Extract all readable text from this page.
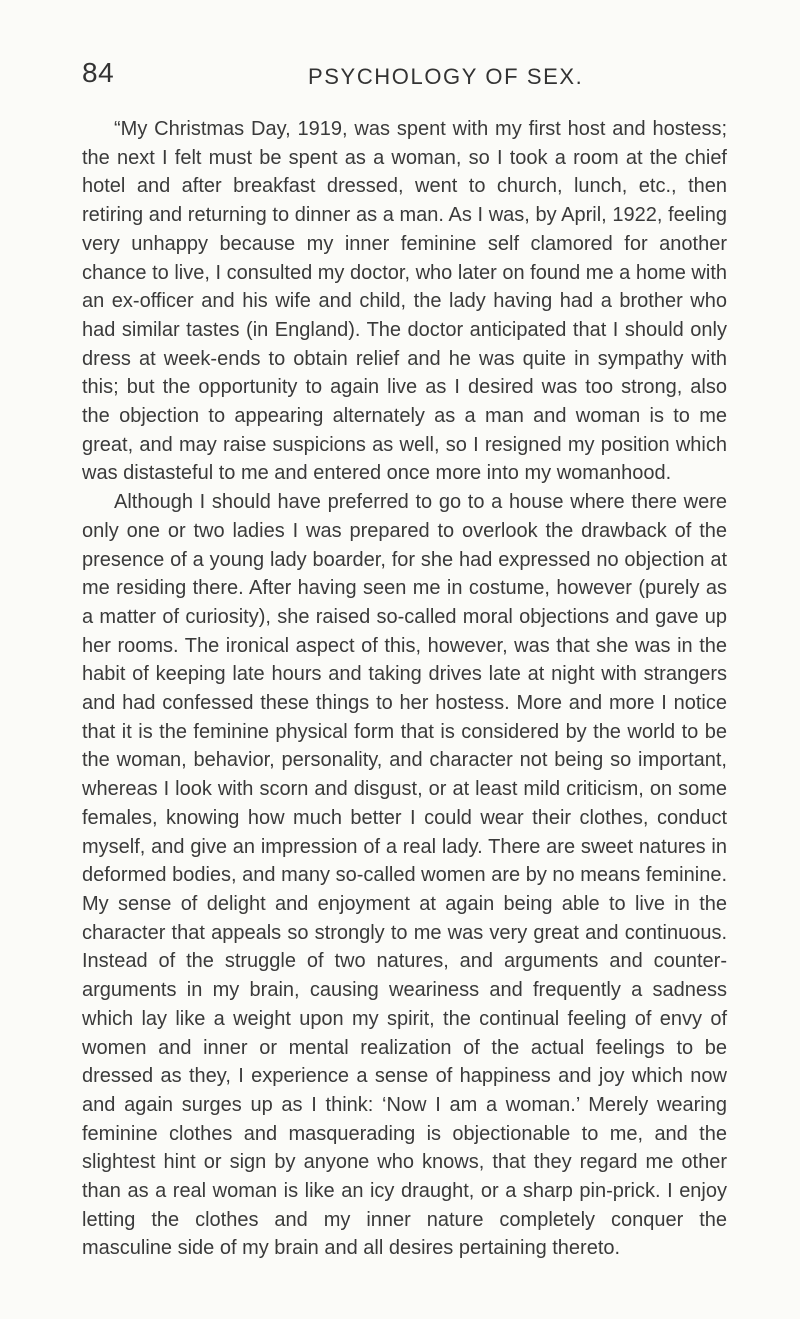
84	PSYCHOLOGY OF SEX.

“My Christmas Day, 1919, was spent with my first host and hostess; the next I felt must be spent as a woman, so I took a room at the chief hotel and after breakfast dressed, went to church, lunch, etc., then retiring and returning to dinner as a man. As I was, by April, 1922, feeling very unhappy because my inner feminine self clamored for another chance to live, I consulted my doctor, who later on found me a home with an ex-officer and his wife and child, the lady having had a brother who had similar tastes (in England). The doctor anticipated that I should only dress at week-ends to obtain relief and he was quite in sympathy with this; but the opportunity to again live as I desired was too strong, also the objection to appearing alternately as a man and woman is to me great, and may raise suspicions as well, so I resigned my position which was distasteful to me and entered once more into my womanhood.

Although I should have preferred to go to a house where there were only one or two ladies I was prepared to overlook the drawback of the presence of a young lady boarder, for she had expressed no objection at me residing there. After having seen me in costume, however (purely as a matter of curiosity), she raised so-called moral objections and gave up her rooms. The ironical aspect of this, however, was that she was in the habit of keeping late hours and taking drives late at night with strangers and had confessed these things to her hostess. More and more I notice that it is the feminine physical form that is considered by the world to be the woman, behavior, personality, and character not being so important, whereas I look with scorn and disgust, or at least mild criticism, on some females, knowing how much better I could wear their clothes, conduct myself, and give an impression of a real lady. There are sweet natures in deformed bodies, and many so-called women are by no means feminine. My sense of delight and enjoyment at again being able to live in the character that appeals so strongly to me was very great and continuous. Instead of the struggle of two natures, and arguments and counter-arguments in my brain, causing weariness and frequently a sadness which lay like a weight upon my spirit, the continual feeling of envy of women and inner or mental realization of the actual feelings to be dressed as they, I experience a sense of happiness and joy which now and again surges up as I think: ‘Now I am a woman.’ Merely wearing feminine clothes and masquerading is objectionable to me, and the slightest hint or sign by anyone who knows, that they regard me other than as a real woman is like an icy draught, or a sharp pin-prick. I enjoy letting the clothes and my inner nature completely conquer the masculine side of my brain and all desires pertaining thereto.
